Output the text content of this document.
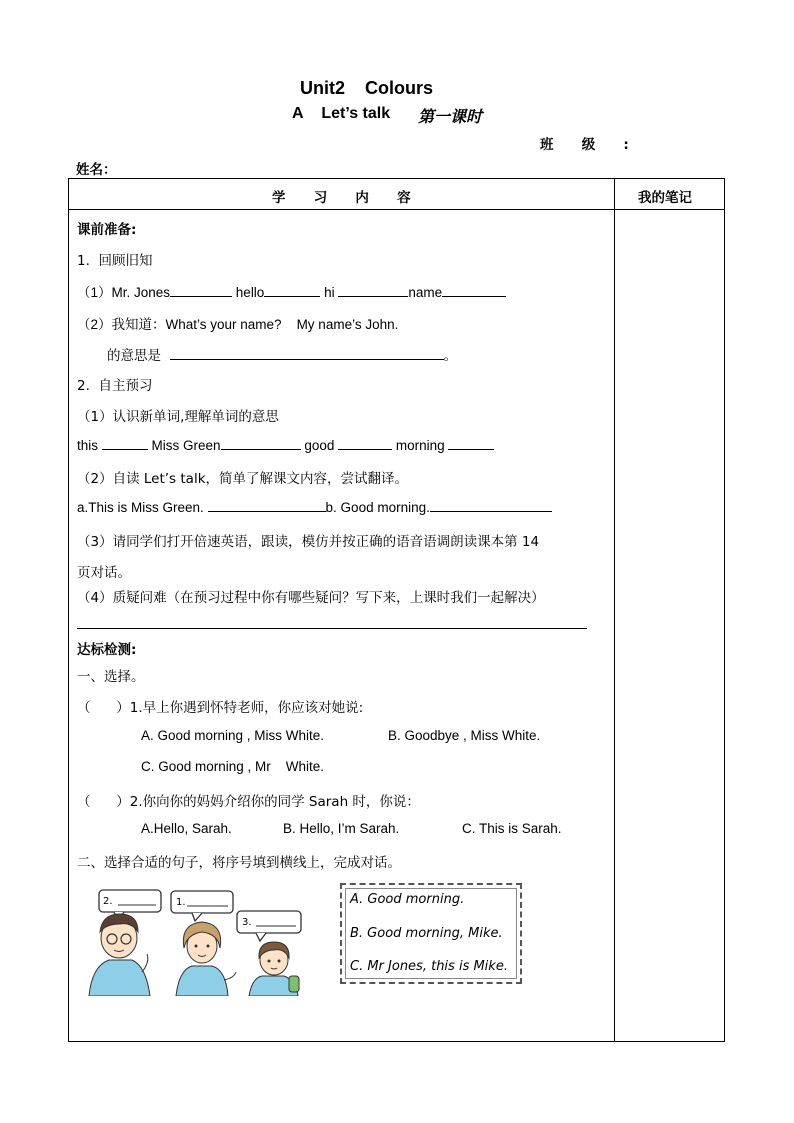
Unit2 Colours
A Let’s talk 第一课时
班      级      :
姓名：
学      习      内      容	我的笔记
课前准备:
1.  回顾旧知
（1）Mr. Jones	hello	hi	name
（2）我知道：What’s your name?    My name’s John.
的意思是	。
2.  自主预习
（1）认识新单词,理解单词的意思
this	Miss Green	good	morning
（2）自读 Let’s talk，简单了解课文内容，尝试翻译。
a.This is Miss Green.	b. Good morning.
（3）请同学们打开倍速英语，跟读，模仿并按正确的语音语调朗读课本第 14
页对话。
（4）质疑问难（在预习过程中你有哪些疑问？写下来，上课时我们一起解决）
达标检测:
一、选择。
（      ）1.早上你遇到怀特老师，你应该对她说:
A. Good morning , Miss White.	B. Goodbye , Miss White.
C. Good morning , Mr    White.
（      ）2.你向你的妈妈介绍你的同学 Sarah 时，你说：
A.Hello, Sarah.	B. Hello, I’m Sarah.	C. This is Sarah.
二、选择合适的句子，将序号填到横线上，完成对话。
2.	1.
3.
A. Good morning.
B. Good morning, Mike.
C. Mr Jones, this is Mike.
